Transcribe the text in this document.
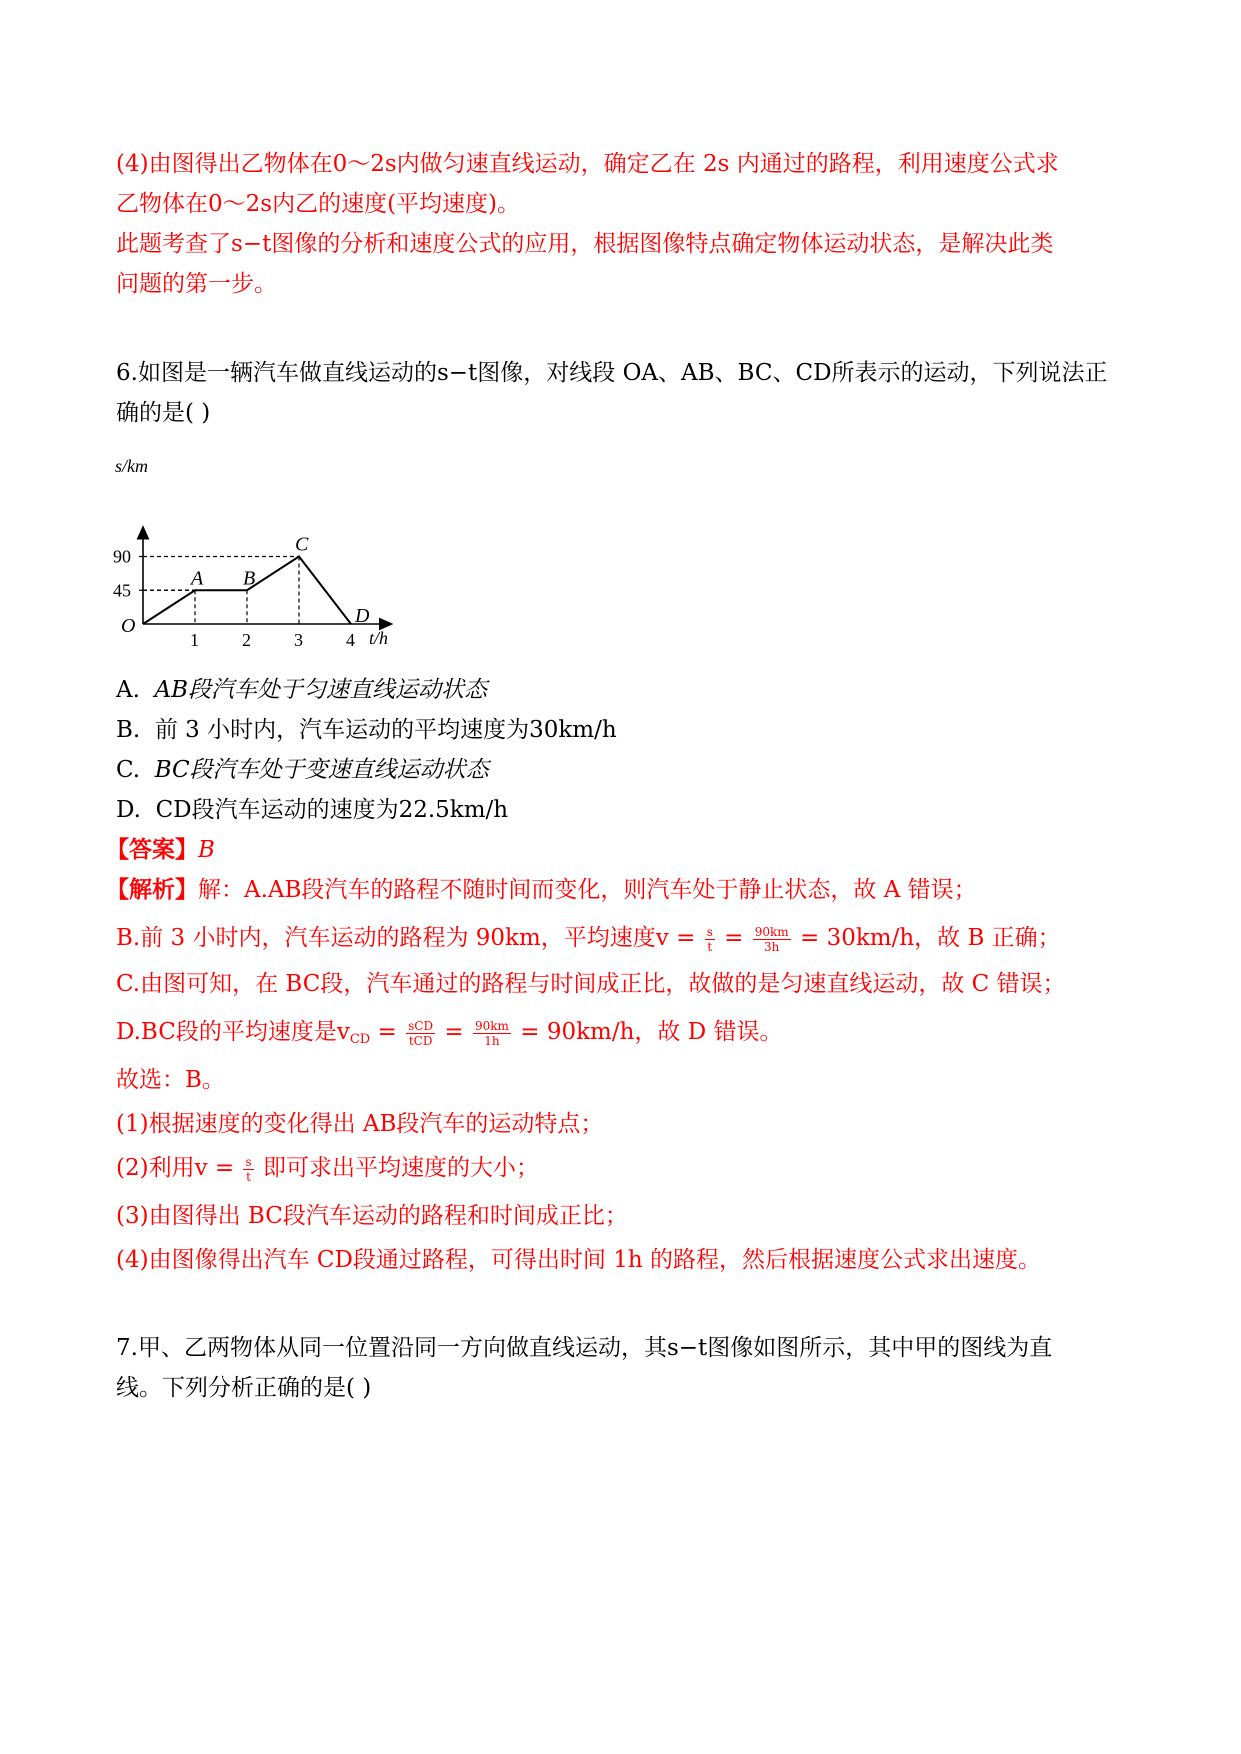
(4)由图得出乙物体在0～2s内做匀速直线运动，确定乙在 2s 内通过的路程，利用速度公式求
乙物体在0～2s内乙的速度(平均速度)。
此题考查了s−t图像的分析和速度公式的应用，根据图像特点确定物体运动状态，是解决此类
问题的第一步。
6.如图是一辆汽车做直线运动的s−t图像，对线段 OA、AB、BC、CD所表示的运动，下列说法正
确的是( )
1 2 3 4
45
90
s/km
t/h
O
A B
C
D
A. AB段汽车处于匀速直线运动状态
B. 前 3 小时内，汽车运动的平均速度为30km/h
C. BC段汽车处于变速直线运动状态
D. CD段汽车运动的速度为22.5km/h
【答案】B
【解析】解：A.AB段汽车的路程不随时间而变化，则汽车处于静止状态，故 A 错误；
B.前 3 小时内，汽车运动的路程为 90km，平均速度$v = \frac{s}{t} = \frac{90km}{3h} = 30km/h$，故 B 正确；
C.由图可知，在 BC段，汽车通过的路程与时间成正比，故做的是匀速直线运动，故 C 错误；
D.BC段的平均速度是$v_{CD} = \frac{\text{sCD}}{\text{tCD}} = \frac{90km}{1h} = 90km/h$，故 D 错误。
故选：B。
(1)根据速度的变化得出 AB段汽车的运动特点；
(2)利用$v = \frac{s}{t}$ 即可求出平均速度的大小；
(3)由图得出 BC段汽车运动的路程和时间成正比；
(4)由图像得出汽车 CD段通过路程，可得出时间 1h 的路程，然后根据速度公式求出速度。
7.甲、乙两物体从同一位置沿同一方向做直线运动，其s−t图像如图所示，其中甲的图线为直
线。下列分析正确的是( )
